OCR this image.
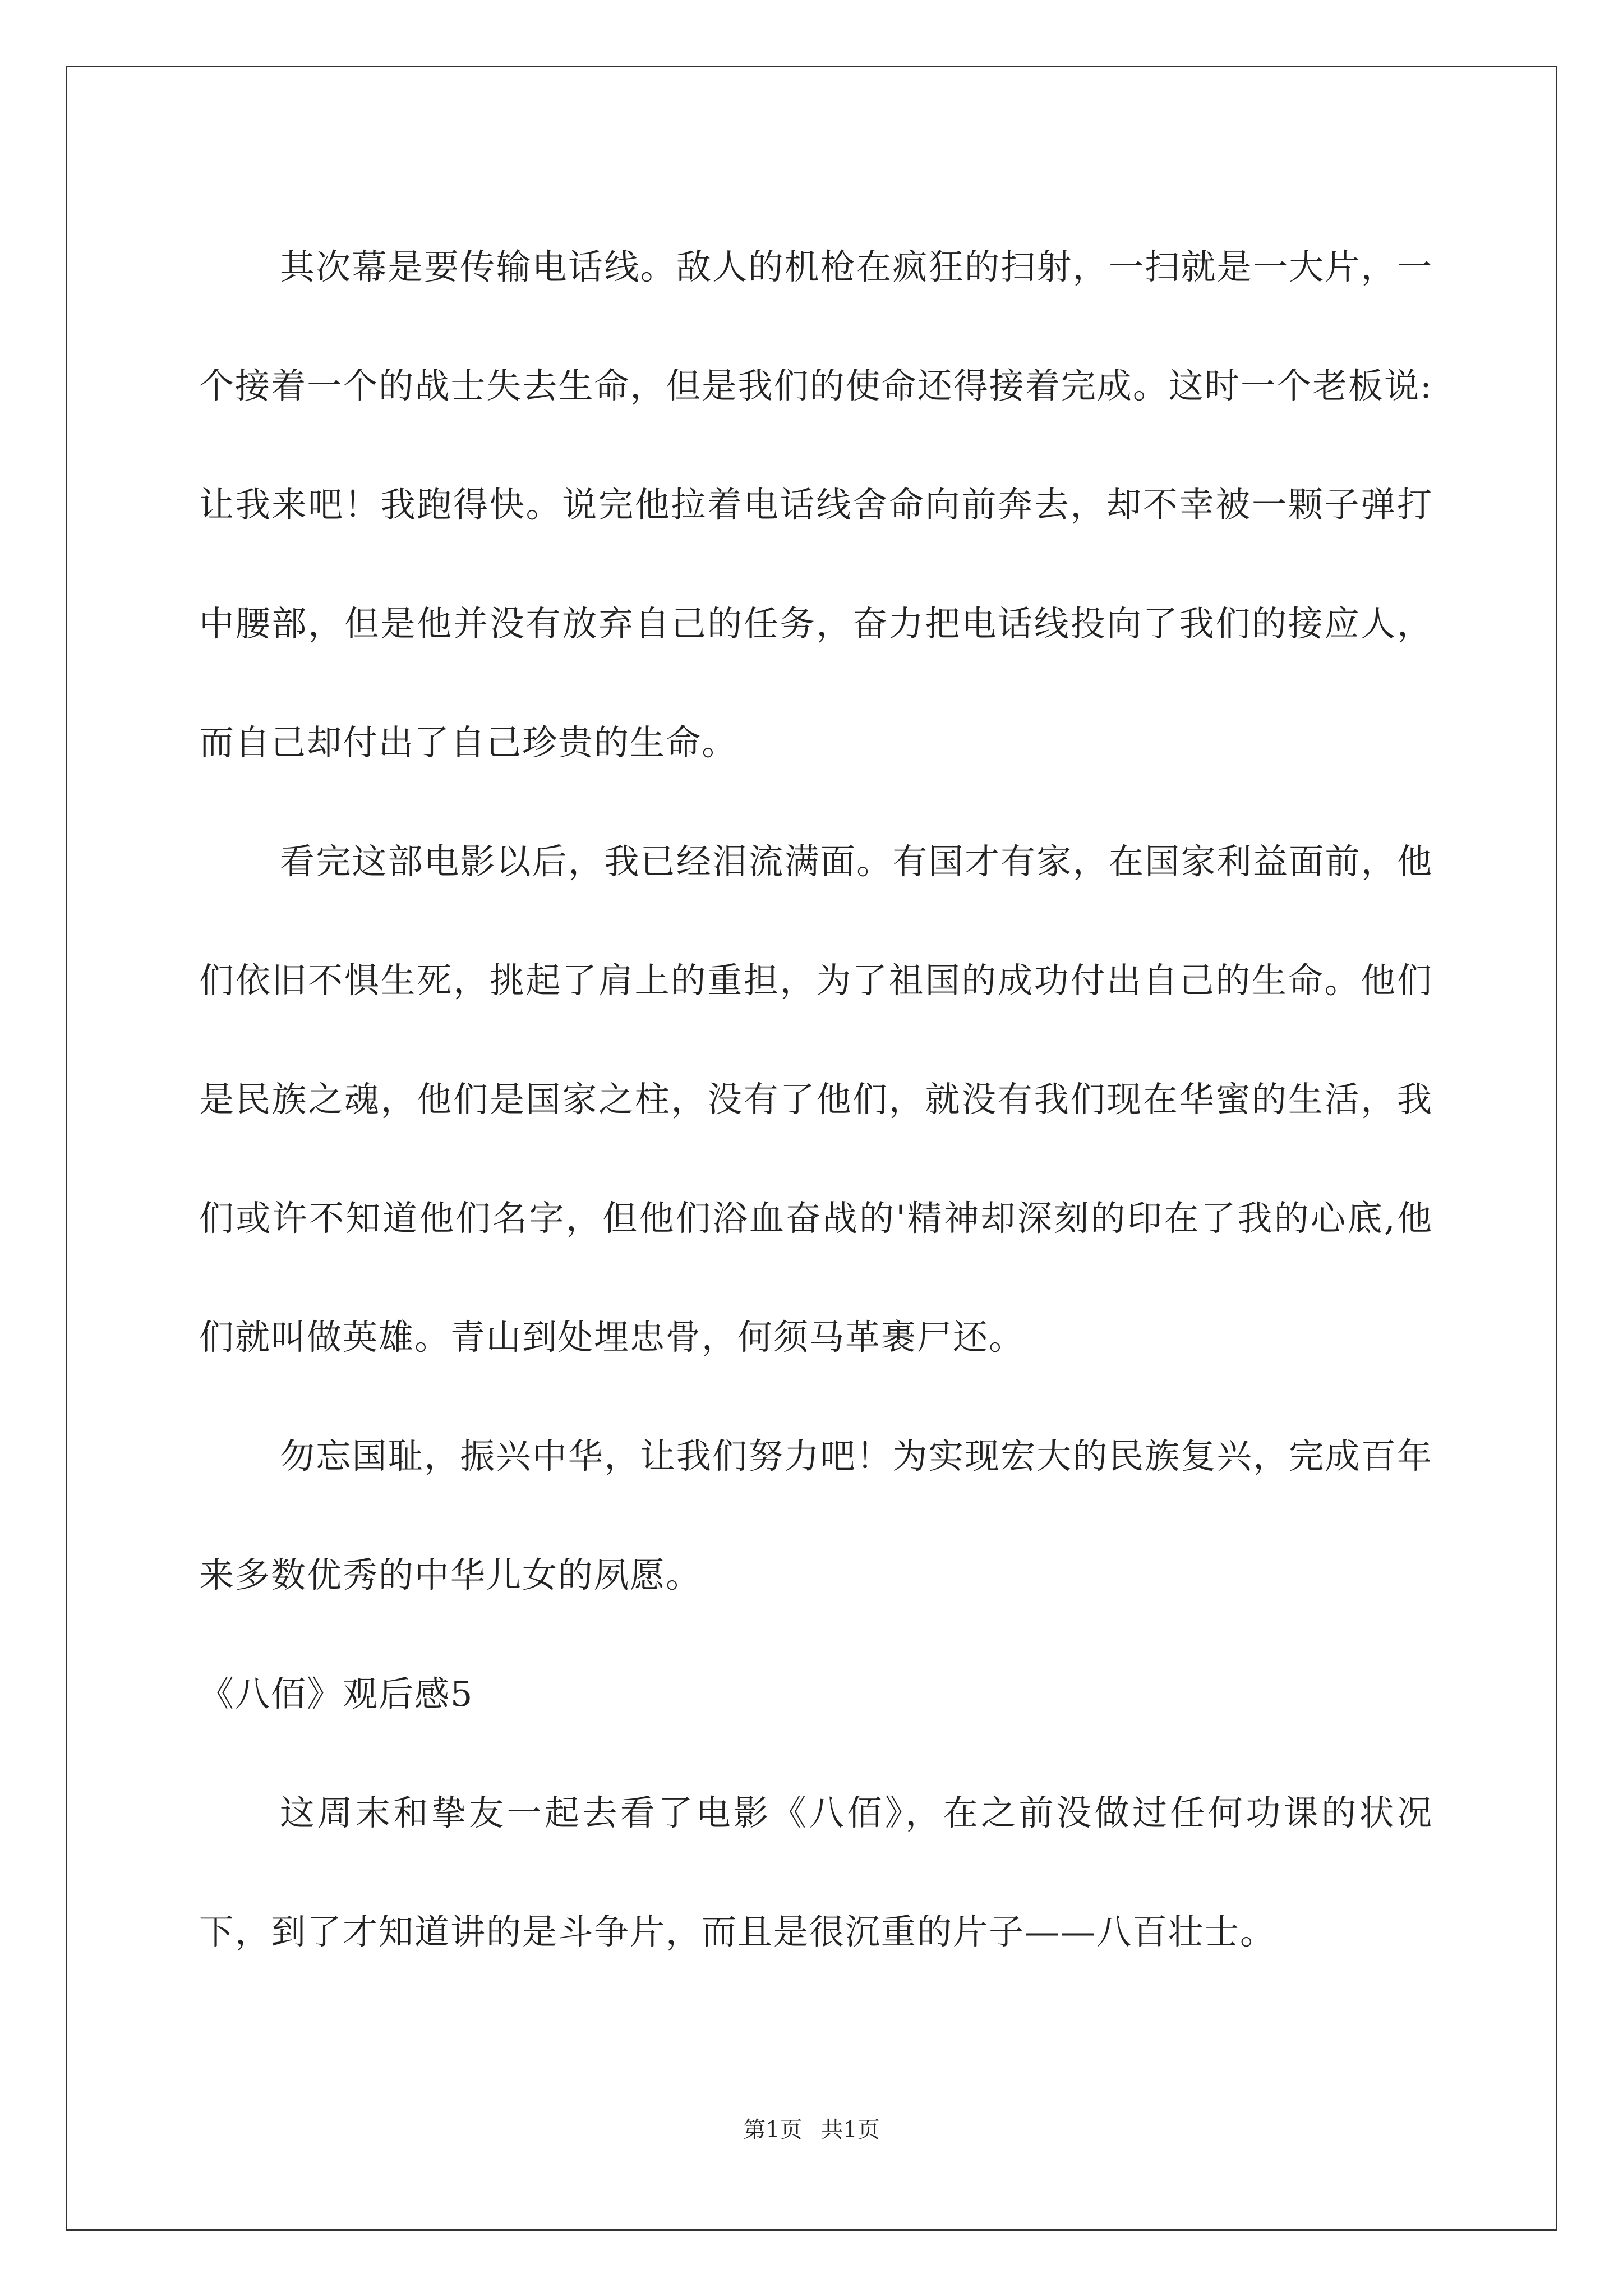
其次幕是要传输电话线。敌人的机枪在疯狂的扫射，一扫就是一大片，一个接着一个的战士失去生命，但是我们的使命还得接着完成。这时一个老板说:让我来吧！我跑得快。说完他拉着电话线舍命向前奔去，却不幸被一颗子弹打中腰部，但是他并没有放弃自己的任务，奋力把电话线投向了我们的接应人，而自己却付出了自己珍贵的生命。

看完这部电影以后，我已经泪流满面。有国才有家，在国家利益面前，他们依旧不惧生死，挑起了肩上的重担，为了祖国的成功付出自己的生命。他们是民族之魂，他们是国家之柱，没有了他们，就没有我们现在华蜜的生活，我们或许不知道他们名字，但他们浴血奋战的'精神却深刻的印在了我的心底,他们就叫做英雄。青山到处埋忠骨，何须马革裹尸还。

勿忘国耻，振兴中华，让我们努力吧！为实现宏大的民族复兴，完成百年来多数优秀的中华儿女的夙愿。

《八佰》观后感5

这周末和挚友一起去看了电影《八佰》，在之前没做过任何功课的状况下，到了才知道讲的是斗争片，而且是很沉重的片子——八百壮士。

第1页 共1页
